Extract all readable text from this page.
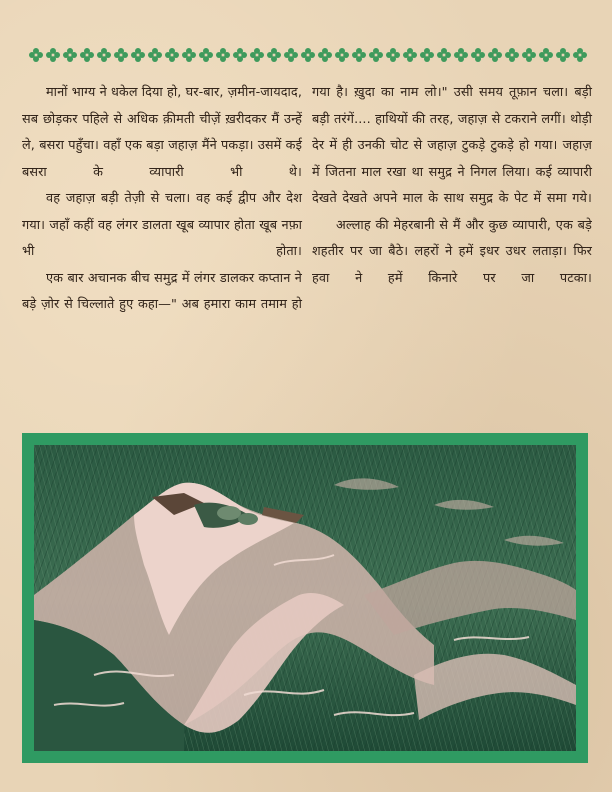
मानों भाग्य ने धकेल दिया हो, घर-बार, ज़मीन-जायदाद, सब छोड़कर पहिले से अधिक क़ीमती चीज़ें ख़रीदकर मैं उन्हें ले, बसरा पहुँचा। वहाँ एक बड़ा जहाज़ मैंने पकड़ा। उसमें कई बसरा के व्यापारी भी थे।

वह जहाज़ बड़ी तेज़ी से चला। वह कई द्वीप और देश गया। जहाँ कहीं वह लंगर डालता खूब व्यापार होता खूब नफ़ा भी होता।

एक बार अचानक बीच समुद्र में लंगर डालकर कप्तान ने बड़े ज़ोर से चिल्लाते हुए कहा—" अब हमारा काम तमाम हो

गया है। ख़ुदा का नाम लो।" उसी समय तूफ़ान चला। बड़ी बड़ी तरंगें.... हाथियों की तरह, जहाज़ से टकराने लगीं। थोड़ी देर में ही उनकी चोट से जहाज़ टुकड़े टुकड़े हो गया। जहाज़ में जितना माल रखा था समुद्र ने निगल लिया। कई व्यापारी देखते देखते अपने माल के साथ समुद्र के पेट में समा गये।

अल्लाह की मेहरबानी से मैं और कुछ व्यापारी, एक बड़े शहतीर पर जा बैठे। लहरों ने हमें इधर उधर लताड़ा। फिर हवा ने हमें किनारे पर जा पटका।
